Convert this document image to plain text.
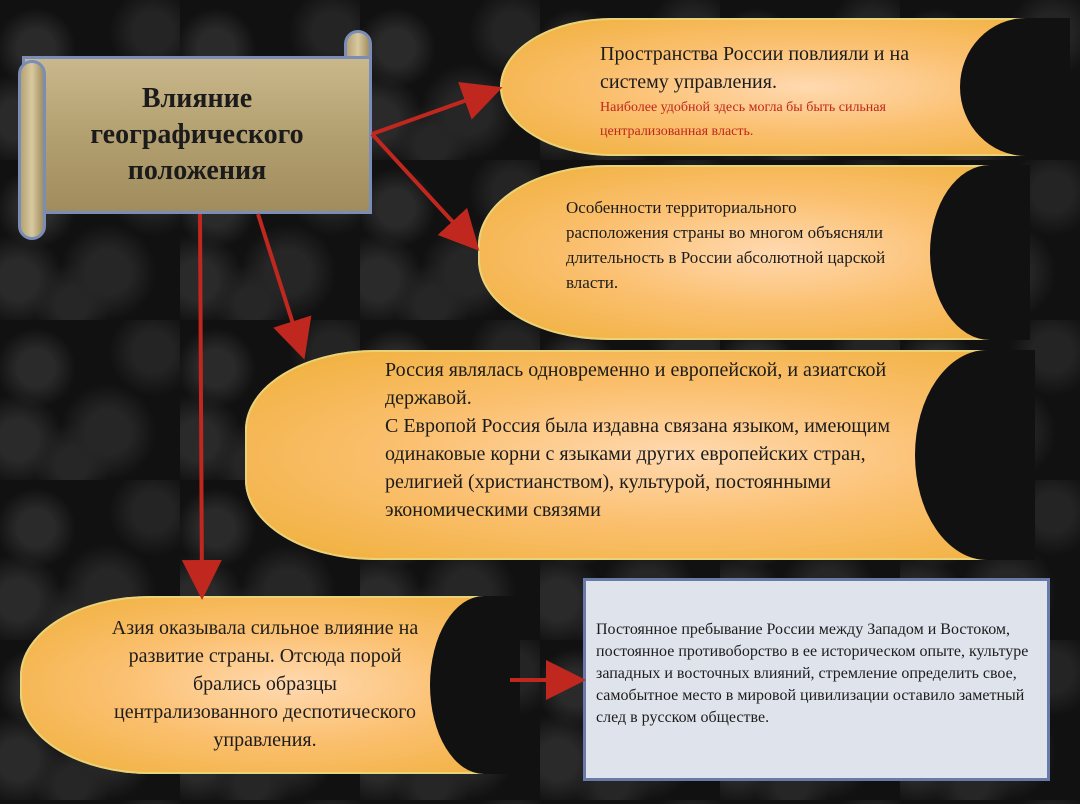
Влияние географического положения
Пространства России повлияли и на систему управления.
Наиболее удобной здесь могла бы быть сильная централизованная власть.
Особенности территориального расположения страны во многом объясняли длительность в России абсолютной царской власти.
Россия являлась одновременно и европейской, и азиатской державой.
С Европой Россия была издавна связана языком, имеющим одинаковые корни с языками других европейских стран, религией (христианством), культурой, постоянными экономическими связями
Азия оказывала сильное влияние на развитие страны. Отсюда порой брались образцы централизованного деспотического управления.
Постоянное пребывание России между Западом и Востоком, постоянное противоборство в ее историческом опыте, культуре западных и восточных влияний, стремление определить свое, самобытное место в мировой цивилизации оставило заметный след в русском обществе.
